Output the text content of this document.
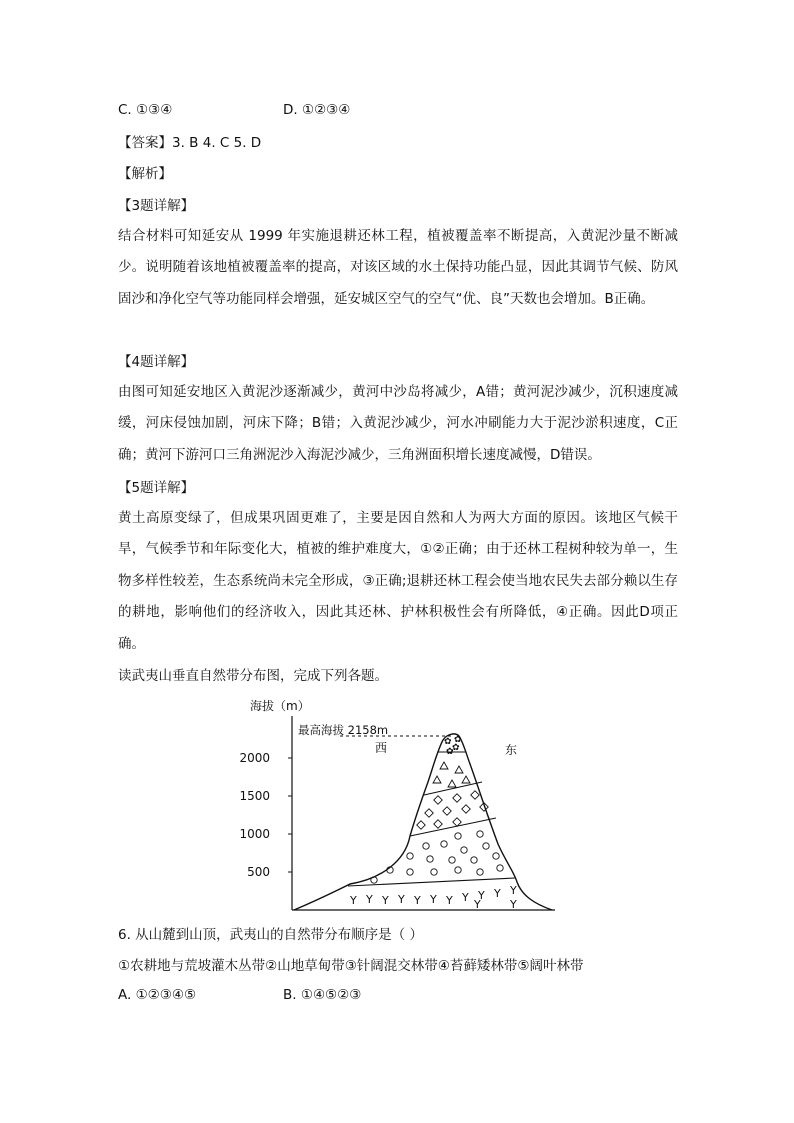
C. ①③④	D. ①②③④
【答案】3. B 4. C 5. D
【解析】
【3题详解】
结合材料可知延安从 1999 年实施退耕还林工程，植被覆盖率不断提高，入黄泥沙量不断减少。说明随着该地植被覆盖率的提高，对该区域的水土保持功能凸显，因此其调节气候、防风固沙和净化空气等功能同样会增强，延安城区空气的空气“优、良”天数也会增加。B正确。
【4题详解】
由图可知延安地区入黄泥沙逐渐减少，黄河中沙岛将减少，A错；黄河泥沙减少，沉积速度减缓，河床侵蚀加剧，河床下降；B错；入黄泥沙减少，河水冲刷能力大于泥沙淤积速度，C正确；黄河下游河口三角洲泥沙入海泥沙减少，三角洲面积增长速度减慢，D错误。
【5题详解】
黄土高原变绿了，但成果巩固更难了，主要是因自然和人为两大方面的原因。该地区气候干旱，气候季节和年际变化大，植被的维护难度大，①②正确；由于还林工程树种较为单一，生物多样性较差，生态系统尚未完全形成，③正确;退耕还林工程会使当地农民失去部分赖以生存的耕地，影响他们的经济收入，因此其还林、护林积极性会有所降低，④正确。因此D项正确。
读武夷山垂直自然带分布图，完成下列各题。
海拔（m）
2000
1500
1000
500
最高海拔 2158m
西	东
✿
✿
✿
✿
Y Y Y Y Y Y Y Y Y Y Y
Y
Y
6. 从山麓到山顶，武夷山的自然带分布顺序是（ ）
①农耕地与荒坡灌木丛带②山地草甸带③针阔混交林带④苔藓矮林带⑤阔叶林带
A. ①②③④⑤	B. ①④⑤②③
